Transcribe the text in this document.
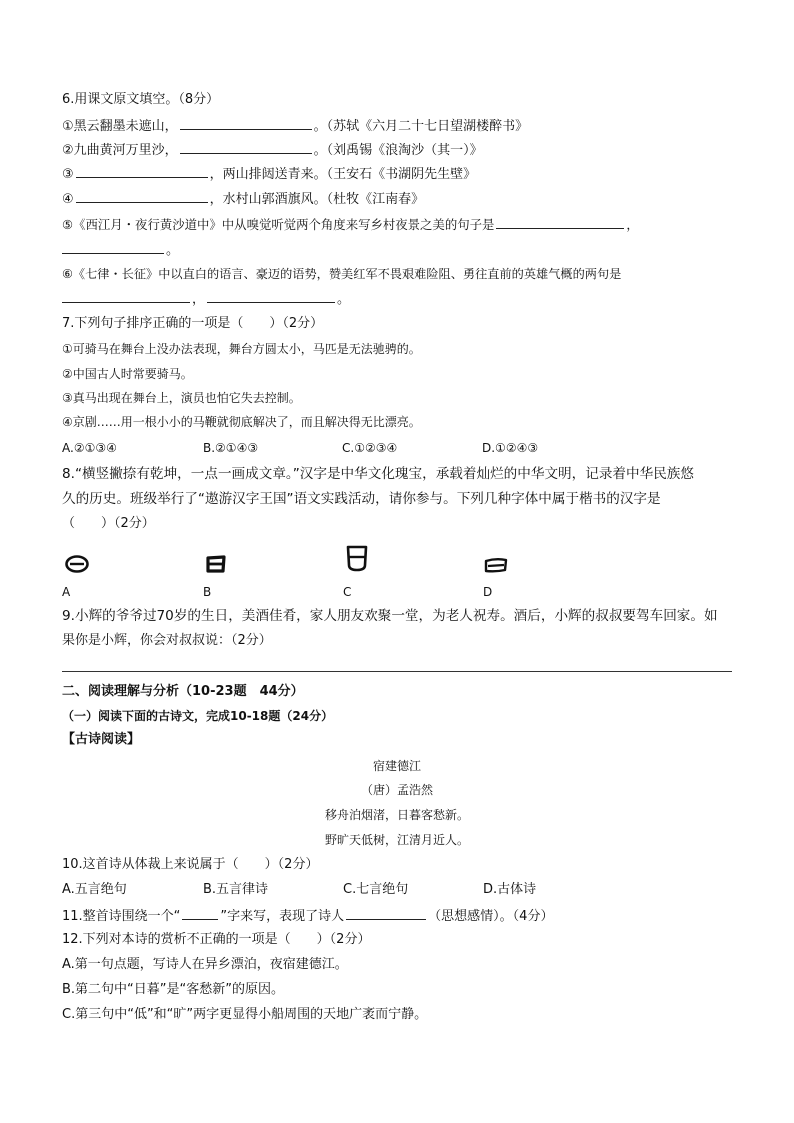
6.用课文原文填空。（8分）
①黑云翻墨未遮山，	。（苏轼《六月二十七日望湖楼醉书》
②九曲黄河万里沙，	。（刘禹锡《浪淘沙（其一）》
③	，两山排闼送青来。（王安石《书湖阴先生壁》
④	，水村山郭酒旗风。（杜牧《江南春》
⑤《西江月・夜行黄沙道中》中从嗅觉听觉两个角度来写乡村夜景之美的句子是	，
。
⑥《七律・长征》中以直白的语言、豪迈的语势，赞美红军不畏艰难险阻、勇往直前的英雄气概的两句是
，	。
7.下列句子排序正确的一项是（　　）（2分）
①可骑马在舞台上没办法表现，舞台方圆太小，马匹是无法驰骋的。
②中国古人时常要骑马。
③真马出现在舞台上，演员也怕它失去控制。
④京剧……用一根小小的马鞭就彻底解决了，而且解决得无比漂亮。
A.②①③④	B.②①④③	C.①②③④	D.①②④③
8.“横竖撇捺有乾坤，一点一画成文章。”汉字是中华文化瑰宝，承载着灿烂的中华文明，记录着中华民族悠
久的历史。班级举行了“遨游汉字王国”语文实践活动，请你参与。下列几种字体中属于楷书的汉字是
（　　）（2分）
A	B	C	D
9.小辉的爷爷过70岁的生日，美酒佳肴，家人朋友欢聚一堂，为老人祝寿。酒后，小辉的叔叔要驾车回家。如
果你是小辉，你会对叔叔说：（2分）
二、阅读理解与分析（10-23题　44分）
（一）阅读下面的古诗文，完成10-18题（24分）
【古诗阅读】
宿建德江
（唐）孟浩然
移舟泊烟渚，日暮客愁新。
野旷天低树，江清月近人。
10.这首诗从体裁上来说属于（　　）（2分）
A.五言绝句	B.五言律诗	C.七言绝句	D.古体诗
11.整首诗围绕一个“	”字来写，表现了诗人	（思想感情）。（4分）
12.下列对本诗的赏析不正确的一项是（　　）（2分）
A.第一句点题，写诗人在异乡漂泊，夜宿建德江。
B.第二句中“日暮”是“客愁新”的原因。
C.第三句中“低”和“旷”两字更显得小船周围的天地广袤而宁静。
